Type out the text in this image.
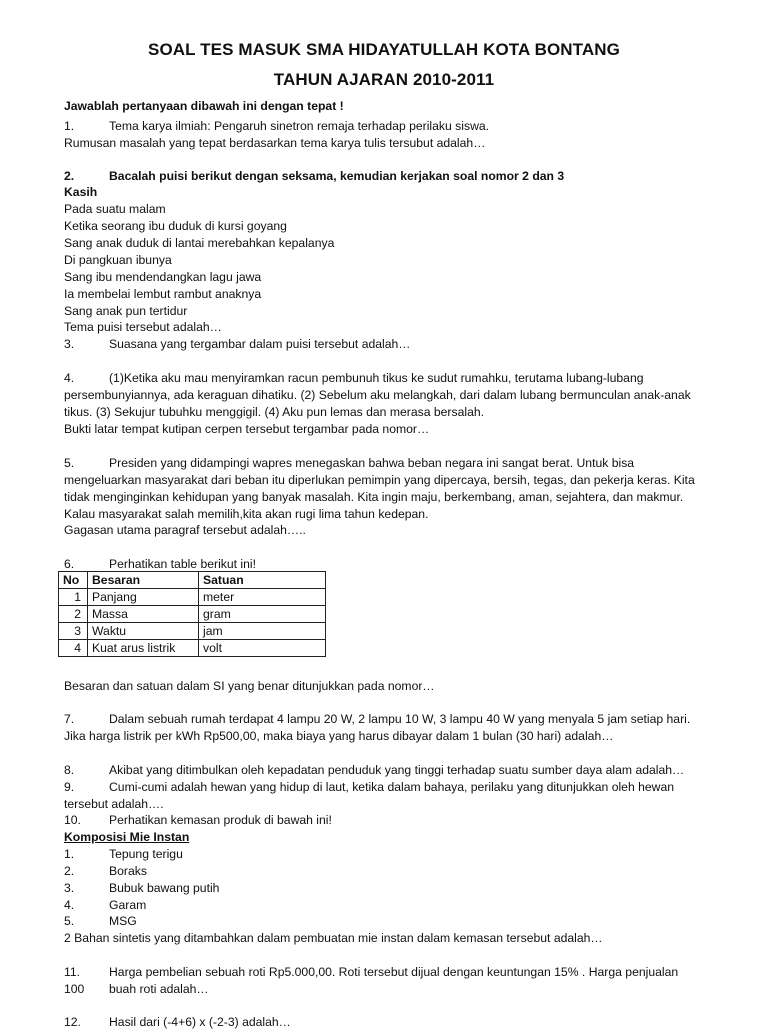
SOAL TES MASUK SMA HIDAYATULLAH KOTA BONTANG
TAHUN AJARAN 2010-2011
Jawablah pertanyaan dibawah ini dengan tepat !
1.	Tema karya ilmiah: Pengaruh sinetron remaja terhadap perilaku siswa.
Rumusan masalah yang tepat berdasarkan tema karya tulis tersubut adalah…
2.	Bacalah puisi berikut dengan seksama, kemudian kerjakan soal nomor 2 dan 3
Kasih
Pada suatu malam
Ketika seorang ibu duduk di kursi goyang
Sang anak duduk di lantai merebahkan kepalanya
Di pangkuan ibunya
Sang ibu mendendangkan lagu jawa
Ia membelai lembut rambut anaknya
Sang anak pun tertidur
Tema puisi tersebut adalah…
3.	Suasana yang tergambar dalam puisi tersebut adalah…
4.	(1)Ketika aku mau menyiramkan racun pembunuh tikus ke sudut rumahku, terutama lubang-lubang
persembunyiannya, ada keraguan dihatiku. (2) Sebelum aku melangkah, dari dalam lubang bermunculan anak-anak
tikus. (3) Sekujur tubuhku menggigil. (4) Aku pun lemas dan merasa bersalah.
Bukti latar tempat kutipan cerpen tersebut tergambar pada nomor…
5.	Presiden yang didampingi wapres menegaskan bahwa beban negara ini sangat berat. Untuk bisa
mengeluarkan masyarakat dari beban itu diperlukan pemimpin yang dipercaya, bersih, tegas, dan pekerja keras. Kita
tidak menginginkan kehidupan yang banyak masalah. Kita ingin maju, berkembang, aman, sejahtera, dan makmur.
Kalau masyarakat salah memilih,kita akan rugi lima tahun kedepan.
Gagasan utama paragraf tersebut adalah…..
6.	Perhatikan table berikut ini!
No	Besaran	Satuan
1	Panjang	meter
2	Massa	gram
3	Waktu	jam
4	Kuat arus listrik	volt
Besaran dan satuan dalam SI yang benar ditunjukkan pada nomor…
7.	Dalam sebuah rumah terdapat 4 lampu 20 W, 2 lampu 10 W, 3 lampu 40 W yang menyala 5 jam setiap hari.
Jika harga listrik per kWh Rp500,00, maka biaya yang harus dibayar dalam 1 bulan (30 hari) adalah…
8.	Akibat yang ditimbulkan oleh kepadatan penduduk yang tinggi terhadap suatu sumber daya alam adalah…
9.	Cumi-cumi adalah hewan yang hidup di laut, ketika dalam bahaya, perilaku yang ditunjukkan oleh hewan
tersebut adalah….
10. Perhatikan kemasan produk di bawah ini!
Komposisi Mie Instan
1.	Tepung terigu
2.	Boraks
3.	Bubuk bawang putih
4.	Garam
5.	MSG
2 Bahan sintetis yang ditambahkan dalam pembuatan mie instan dalam kemasan tersebut adalah…
11. Harga pembelian sebuah roti Rp5.000,00. Roti tersebut dijual dengan keuntungan 15% . Harga penjualan
100 buah roti adalah…
12. Hasil dari (-4+6) x (-2-3) adalah…
